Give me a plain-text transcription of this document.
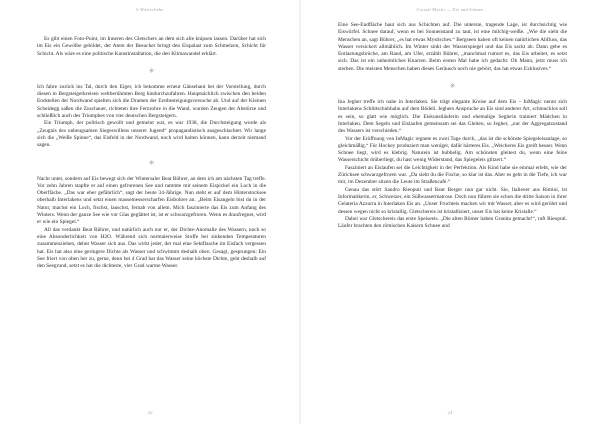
6 Wörterliebe

Es gibt einen Foto-Point, im Inneren des Gletschers an dem sich alle knipsen lassen. Darüber hat sich im Eis ein Gewölbe gebildet, der Atem der Besucher bringt den Eispalast zum Schmelzen, Schicht für Schicht. Als wäre es eine politische Kunstinstallation, die den Klimawandel erklärt.

✳

Ich fahre zurück ins Tal, durch den Eiger, ich bekomme erneut Gänsehaut bei der Vorstellung, durch diesen in Bergsteigerkreisen weltberühmten Berg hindurchzufahren. Hauptsächlich zwischen den beiden Endstellen der Nordwand spielten sich die Dramen der Erstbesteigungsversuche ab. Und auf der Kleinen Scheidegg saßen die Zuschauer, richteten ihre Fernrohre in die Wand, wurden Zeugen der Abstürze und schließlich auch des Triumphes von vier deutschen Bergsteigern.

Ein Triumph, der politisch gewollt und gemeint war, es war 1938, die Durchsteigung wurde als „Zeugnis des unbeugsamen Siegeswillens unserer Jugend“ propagandistisch ausgeschlachtet. Wir lange sich die „Weiße Spinne“, das Eisfeld in der Nordwand, noch wird halten können, kann derzeit niemand sagen.

✳

Nacht unter, sondern auf Eis bewegt sich der Wintersaler Beat Bührer, an dem ich am nächsten Tag treffe. Vor zehn Jahren stapfte er auf einen gefrorenen See und rammte mit seinem Eispickel ein Loch in die Oberfläche. „Das war eher gefährlich“, sagt der heute 34-Jährige. Nun steht er auf dem Hinterstocksee oberhalb Interlakens und setzt einen massemesserscharfen Eisbohrer an. „Beim Eisangeln bist du in der Natur, machst ein Loch, fischst, lauschst, fernab von allem. Mich faszinierte das Eis zum Anfang des Winters. Wenn der ganze See wie vor Glas geglättet ist, ist er schwarzgefroren. Wenn es draufregnet, wird er wie ein Spiegel.“

All das verdankt Beat Bührer, und natürlich auch nur er, der Dichte-Anomalie des Wassern, noch so eine Absonderlichkeit von H2O. Während sich normalerweise Stoffe bei sinkenden Temperaturen zusammenziehen, dehnt Wasser sich aus. Das wirkt jeder, der mal eine Sektflasche im Eisfach vergessen hat. Eis hat also eine geringere Dichte als Wasser und schwimmt deshalb oben. Gesagt, gesprungen: Ein See friert von oben her zu, gerne, denn bei 4 Grad hat das Wasser seine höchste Dichte, geht deshalb auf den Seegrund, setzt es hat die dichteste, vier Grad warme Wasser.

20
Crystal Mystic — Eis und Schnee

Eine See-Endfläche baut sich aus Schichten auf. Die unterste, tragende Lage, ist durchsichtig wie Eiswürfel. Schnee darauf, wenn es bei Sonnenstand zu taut, ist eine milchig-weiße. „Wie die sieht die Menschen an, sagt Bührer, „es hat etwas Mystisches.“ Bergseen haben oft keinen natürlichen Abfluss, das Wasser versickert allmählich. Im Winter sinkt der Wasserspiegel und das Eis sackt ab. Dann gebe es Entlastungsbrüche, am Rand, am Ufer, erzählt Bührer, „manchmal rumort es, das Eis arbeitet, es setzt sich. Das ist ein unheimliches Knarren. Beim ersten Mal habe ich gedacht: Oh Mann, jetzt muss ich sterben. Die meisten Menschen haben dieses Geräusch noch nie gehört, das hat etwas Exklusives.“

✳

Ina Jegher treffe ich nahe in Interlaken. Sie trägt elegante Kreise auf dem Eis – InMagic nennt sich Interlakens Schlittschuhbahn auf dem Bödeli. Jeghers Anspruche an Eis sind anderer Art, schmucklos soll es sein, so glatt wie möglich. Die Eiskunstläuferin und ehemalige Seglerin trainiert Mädchen in Interlaken. Dem Segeln und Eislaufen gemeinsam sei das Gleiten, so Jegher, „nur der Aggregatzustand des Wassers ist verschieden.“

Vor der Eröffnung von InMagic regnete es zwei Tage durch, „das ist die schönste Spiegeleisanlage, so gleichmäßig.“ Für Hockey produziert man weniger, dafür härteres Eis. „Weicheres Eis greift besser. Wenn Schnee liegt, wird es klebrig. Naturein ist hubbelig. Am schönsten gleitest du, wenn eine feine Wasserschicht drüberliegt, du hast wenig Widerstand, das Spiegeleis glitzert.“

Fasziniert an Eislaufen sei die Leichtigkeit in der Perfektion. Als Kind habe sie einmal erlebt, wie der Zürichsee schwarzgefroren war. „Da sieht du die Fische, so klar ist das. Aber es geht in die Tiefe, ich war mir, im Dezember sitzen die Leute im Straßencafé.“

Genau das stört Sandro Rieoputi und Beat Berger nun gar nicht. Sie, Italiener aus Rimini, ist Informatikerin, er, Schweizer, ein Süßwassermatrose. Doch nun führen sie schon die dritte Saison in ihrer Gelateria Azzurra in Interlaken Eis an. „Unser Fruchteis machen wir mit Wasser, aber es wird gerührt und dessen wegen nicht so kristallig. Gletschereis ist kristallisiert, unser Eis hat keine Kristalle.“

Dabei war Gletschereis das erste Speiseeis. „Die alten Römer haben Granita gemacht!“, ruft Rieoputi. Läufer brachten den römischen Kaisern Schnee und

21
